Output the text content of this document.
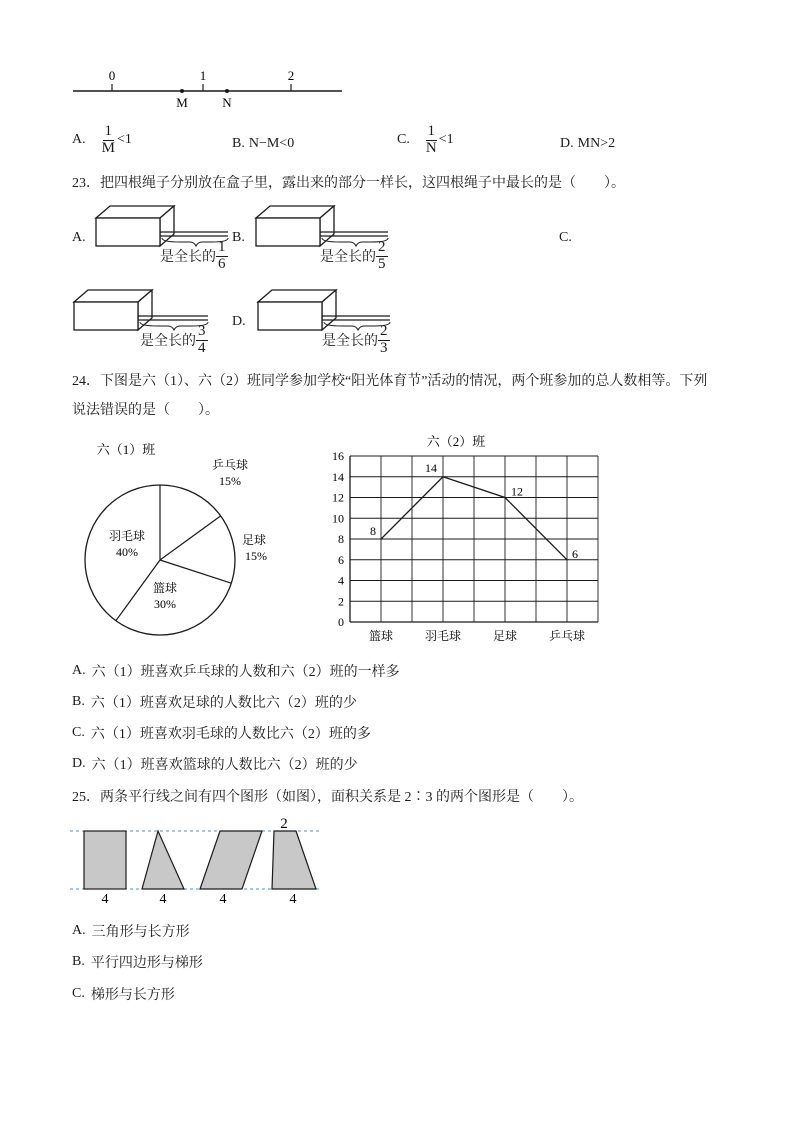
0	1	2
M	N
A. $\frac{1}{M} <1$	B. N−M<0	C. $\frac{1}{N} <1$	D. MN>2
23．把四根绳子分别放在盒子里，露出来的部分一样长，这四根绳子中最长的是（　　）。
A.
是全长的 $\frac{1}{6}$
B.
是全长的 $\frac{2}{5}$
C.
是全长的 $\frac{3}{4}$
D.
是全长的 $\frac{2}{3}$
24．下图是六（1）、六（2）班同学参加学校“阳光体育节”活动的情况，两个班参加的总人数相等。下列
说法错误的是（　　）。
六（1）班
乒乓球
15%
足球
15%
篮球
30%
羽毛球
40%
六（2）班
0
2
4
6
8
10
12
14
16
篮球	羽毛球	足球	乒乓球
8
14
12
6
A. 六（1）班喜欢乒乓球的人数和六（2）班的一样多
B. 六（1）班喜欢足球的人数比六（2）班的少
C. 六（1）班喜欢羽毛球的人数比六（2）班的多
D. 六（1）班喜欢篮球的人数比六（2）班的少
25．两条平行线之间有四个图形（如图），面积关系是 2∶3 的两个图形是（　　）。
2
4	4	4	4
A. 三角形与长方形
B. 平行四边形与梯形
C. 梯形与长方形
